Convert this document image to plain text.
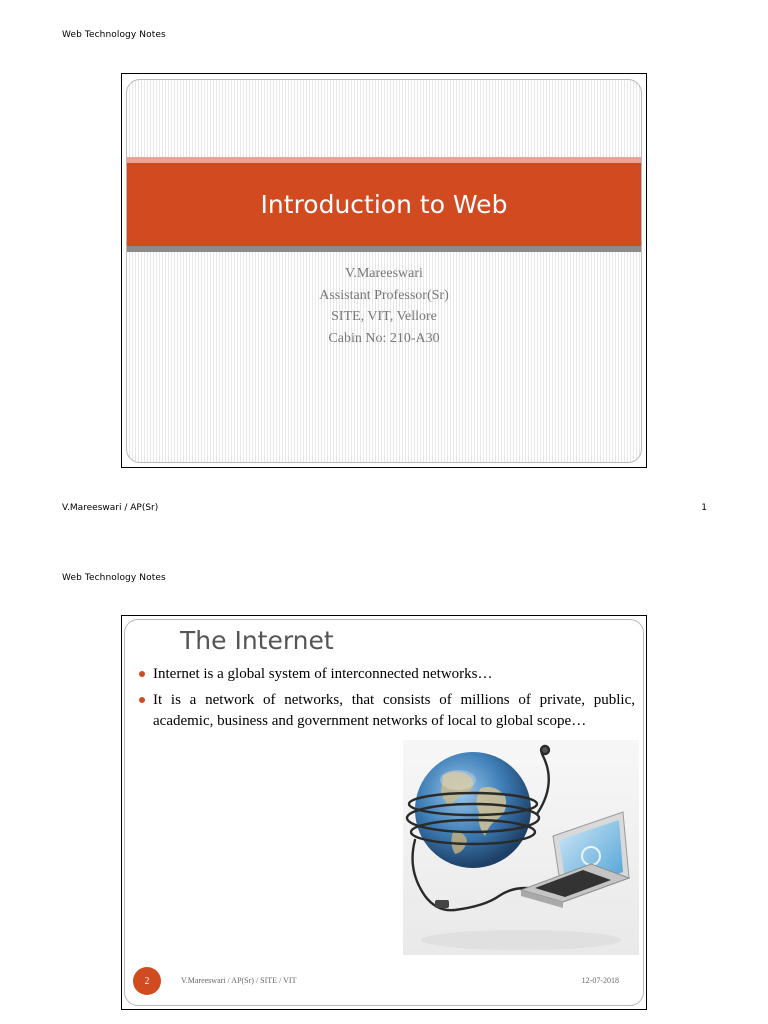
Web Technology Notes
Introduction to Web
V.Mareeswari
Assistant Professor(Sr)
SITE, VIT, Vellore
Cabin No: 210-A30
V.Mareeswari / AP(Sr)	1
Web Technology Notes
The Internet
Internet is a global system of interconnected networks…
It is a network of networks, that consists of millions of private, public, academic, business and government networks of local to global scope…
2	V.Mareeswari / AP(Sr) / SITE / VIT	12-07-2018
